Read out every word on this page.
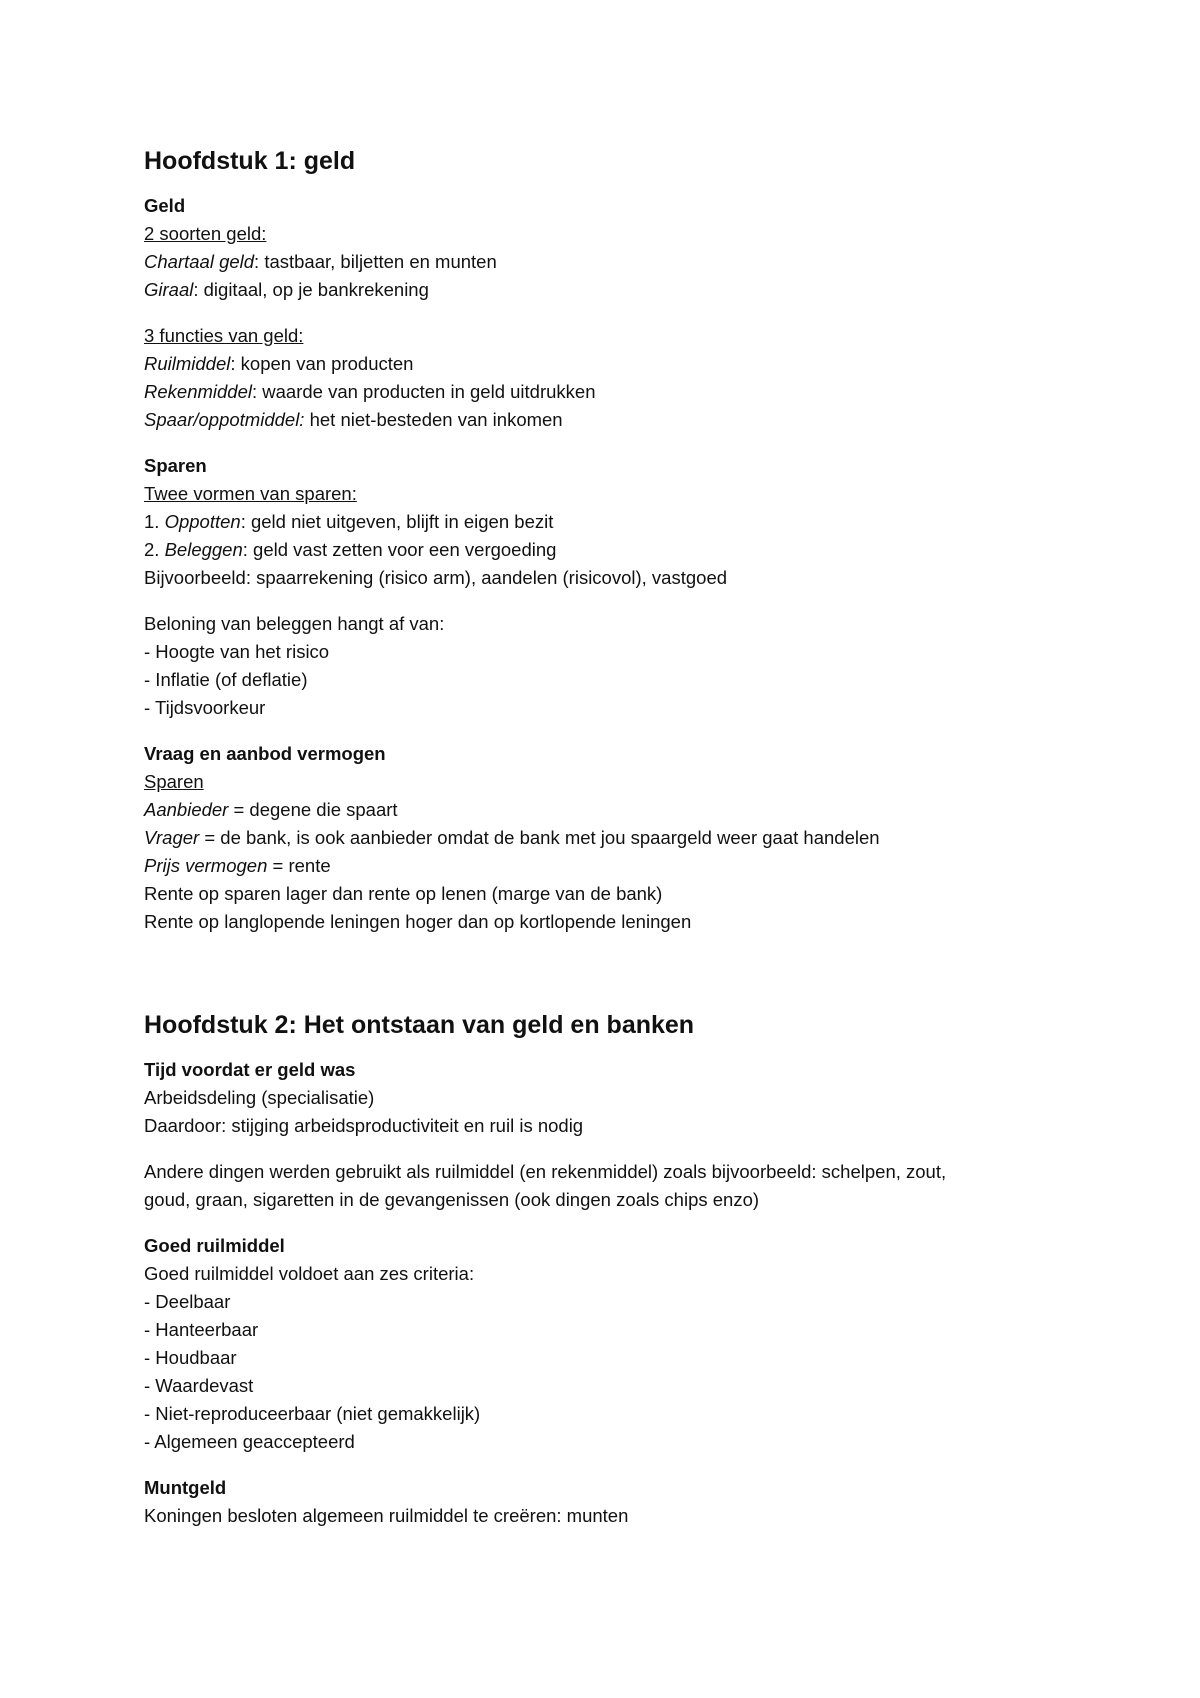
Hoofdstuk 1: geld
Geld
2 soorten geld:
Chartaal geld: tastbaar, biljetten en munten
Giraal: digitaal, op je bankrekening
3 functies van geld:
Ruilmiddel: kopen van producten
Rekenmiddel: waarde van producten in geld uitdrukken
Spaar/oppotmiddel: het niet-besteden van inkomen
Sparen
Twee vormen van sparen:
1. Oppotten: geld niet uitgeven, blijft in eigen bezit
2. Beleggen: geld vast zetten voor een vergoeding
Bijvoorbeeld: spaarrekening (risico arm), aandelen (risicovol), vastgoed
Beloning van beleggen hangt af van:
- Hoogte van het risico
- Inflatie (of deflatie)
- Tijdsvoorkeur
Vraag en aanbod vermogen
Sparen
Aanbieder = degene die spaart
Vrager = de bank, is ook aanbieder omdat de bank met jou spaargeld weer gaat handelen
Prijs vermogen = rente
Rente op sparen lager dan rente op lenen (marge van de bank)
Rente op langlopende leningen hoger dan op kortlopende leningen
Hoofdstuk 2: Het ontstaan van geld en banken
Tijd voordat er geld was
Arbeidsdeling (specialisatie)
Daardoor: stijging arbeidsproductiviteit en ruil is nodig
Andere dingen werden gebruikt als ruilmiddel (en rekenmiddel) zoals bijvoorbeeld: schelpen, zout,
goud, graan, sigaretten in de gevangenissen (ook dingen zoals chips enzo)
Goed ruilmiddel
Goed ruilmiddel voldoet aan zes criteria:
- Deelbaar
- Hanteerbaar
- Houdbaar
- Waardevast
- Niet-reproduceerbaar (niet gemakkelijk)
- Algemeen geaccepteerd
Muntgeld
Koningen besloten algemeen ruilmiddel te creëren: munten
